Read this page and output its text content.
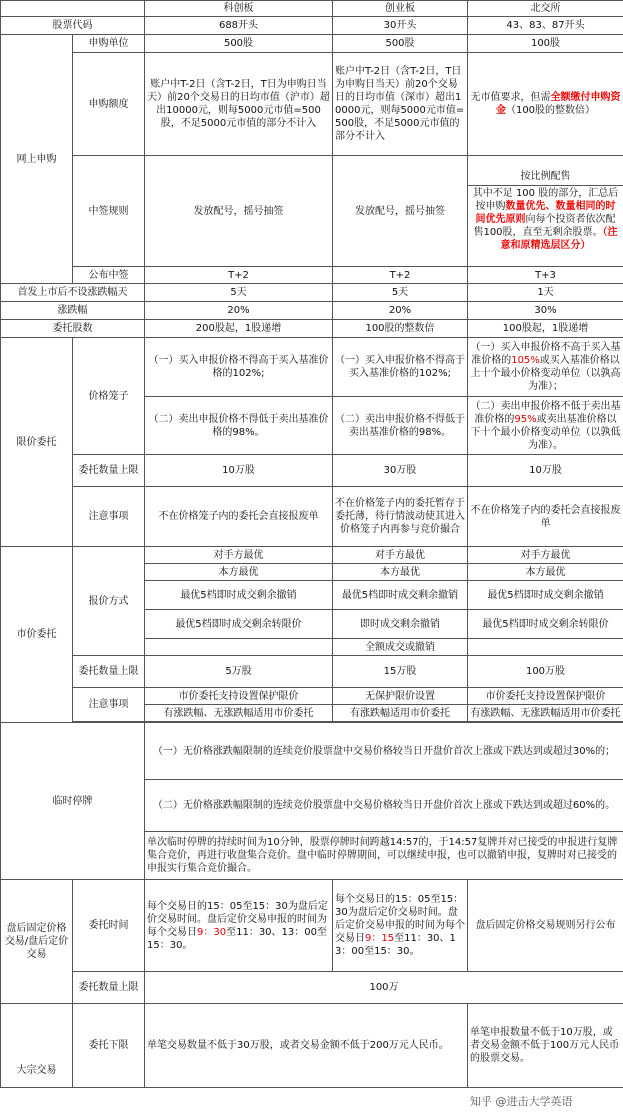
		科创板	创业板	北交所
股票代码		688开头	30开头	43、83、87开头
网上申购	申购单位	500股	500股	100股
	申购额度	账户中T-2日（含T-2日，T日为申购日当天）前20个交易日的日均市值（沪市）超出10000元，则每5000元市值=500股，不足5000元市值的部分不计入	账户中T-2日（含T-2日，T日为申购日当天）前20个交易日的日均市值（深市）超出10000元，则每5000元市值=500股，不足5000元市值的部分不计入	无市值要求，但需全额缴付申购资金（100股的整数倍）
	中签规则	发放配号，摇号抽签	发放配号，摇号抽签	按比例配售
其中不足 100 股的部分，汇总后按申购数量优先、数量相同的时间优先原则向每个投资者依次配售100股，直至无剩余股票。（注意和原精选层区分）

	公布中签	T+2	T+2	T+3
首发上市后不设涨跌幅天		5天	5天	1天
涨跌幅		20%	20%	30%
委托股数		200股起，1股递增	100股的整数倍	100股起，1股递增
限价委托	价格笼子	（一）买入申报价格不得高于买入基准价格的102%;	（一）买入申报价格不得高于买入基准价格的102%;	（一）买入申报价格不高于买入基准价格的105%或买入基准价格以上十个最小价格变动单位（以孰高为准）；
		（二）卖出申报价格不得低于卖出基准价格的98%。	（二）卖出申报价格不得低于卖出基准价格的98%。	（二）卖出申报价格不低于卖出基准价格的95%或卖出基准价格以下十个最小价格变动单位（以孰低为准）。
	委托数量上限	10万股	30万股	10万股
	注意事项	不在价格笼子内的委托会直接报废单	不在价格笼子内的委托暂存于委托薄，待行情波动使其进入价格笼子内再参与竞价撮合	不在价格笼子内的委托会直接报废单
市价委托	报价方式	对手方最优	对手方最优	对手方最优
		本方最优	本方最优	本方最优
		最优5档即时成交剩余撤销	最优5档即时成交剩余撤销	最优5档即时成交剩余撤销
		最优5档即时成交剩余转限价	即时成交剩余撤销	最优5档即时成交剩余转限价
			全额成交或撤销	
	委托数量上限	5万股	15万股	100万股
	注意事项	市价委托支持设置保护限价	无保护限价设置	市价委托支持设置保护限价
		有涨跌幅、无涨跌幅适用市价委托	有涨跌幅适用市价委托	有涨跌幅、无涨跌幅适用市价委托

临时停牌		（一）无价格涨跌幅限制的连续竞价股票盘中交易价格较当日开盘价首次上涨或下跌达到或超过30%的；		
		（二）无价格涨跌幅限制的连续竞价股票盘中交易价格较当日开盘价首次上涨或下跌达到或超过60%的。		
		单次临时停牌的持续时间为10分钟，股票停牌时间跨越14:57的，于14:57复牌并对已接受的申报进行复牌集合竞价，再进行收盘集合竞价。盘中临时停牌期间，可以继续申报，也可以撤销申报，复牌时对已接受的申报实行集合竞价撮合。		
盘后固定价格交易/盘后定价交易	委托时间	每个交易日的15：05至15：30为盘后定价交易时间。盘后定价交易申报的时间为每个交易日9：30至11：30、13：00至15：30。	每个交易日的15：05至15：30为盘后定价交易时间。盘后定价交易申报的时间为每个交易日9：15至11：30、13：00至15：30。	盘后固定价格交易规则另行公布
	委托数量上限	100万		
大宗交易	委托下限	单笔交易数量不低于30万股，或者交易金额不低于200万元人民币。		单笔申报数量不低于10万股，或者交易金额不低于100万元人民币的股票交易。
知乎 @进击大学英语
